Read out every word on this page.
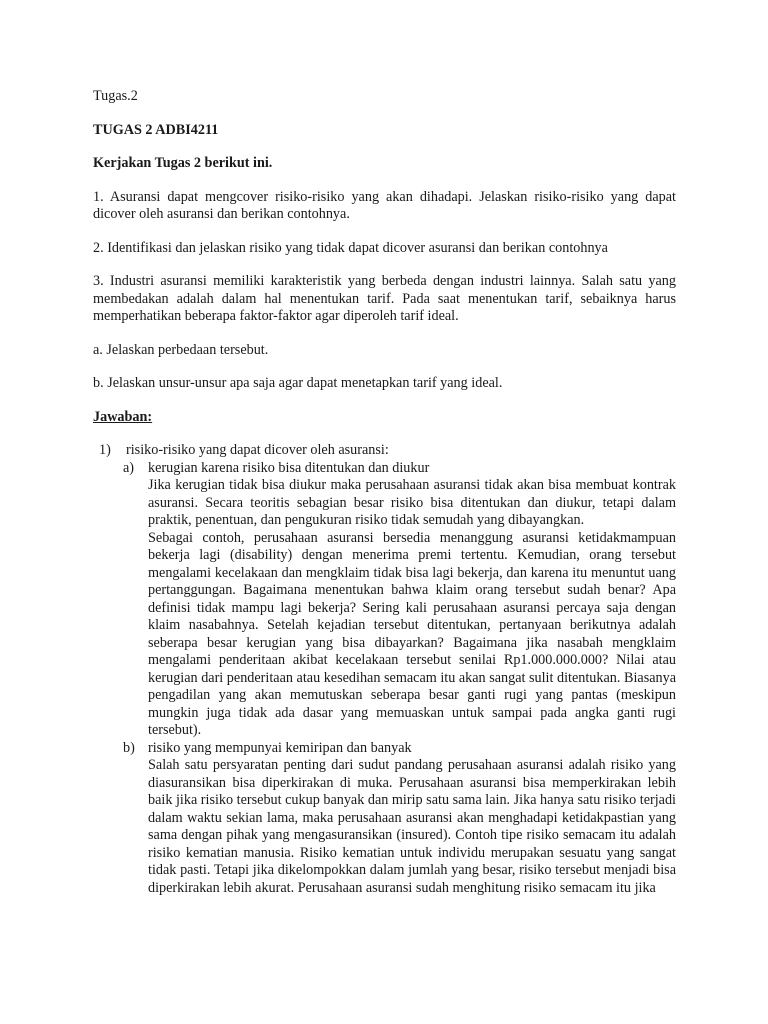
Tugas.2

TUGAS 2 ADBI4211

Kerjakan Tugas 2 berikut ini.

1. Asuransi dapat mengcover risiko-risiko yang akan dihadapi. Jelaskan risiko-risiko yang dapat dicover oleh asuransi dan berikan contohnya.

2. Identifikasi dan jelaskan risiko yang tidak dapat dicover asuransi dan berikan contohnya

3. Industri asuransi memiliki karakteristik yang berbeda dengan industri lainnya. Salah satu yang membedakan adalah dalam hal menentukan tarif. Pada saat menentukan tarif, sebaiknya harus memperhatikan beberapa faktor-faktor agar diperoleh tarif ideal.

a. Jelaskan perbedaan tersebut.

b. Jelaskan unsur-unsur apa saja agar dapat menetapkan tarif yang ideal.

Jawaban:

1)	risiko-risiko yang dapat dicover oleh asuransi:
a) kerugian karena risiko bisa ditentukan dan diukur

Jika kerugian tidak bisa diukur maka perusahaan asuransi tidak akan bisa membuat kontrak asuransi. Secara teoritis sebagian besar risiko bisa ditentukan dan diukur, tetapi dalam praktik, penentuan, dan pengukuran risiko tidak semudah yang dibayangkan.

Sebagai contoh, perusahaan asuransi bersedia menanggung asuransi ketidakmampuan bekerja lagi (disability) dengan menerima premi tertentu. Kemudian, orang tersebut mengalami kecelakaan dan mengklaim tidak bisa lagi bekerja, dan karena itu menuntut uang pertanggungan. Bagaimana menentukan bahwa klaim orang tersebut sudah benar? Apa definisi tidak mampu lagi bekerja? Sering kali perusahaan asuransi percaya saja dengan klaim nasabahnya. Setelah kejadian tersebut ditentukan, pertanyaan berikutnya adalah seberapa besar kerugian yang bisa dibayarkan? Bagaimana jika nasabah mengklaim mengalami penderitaan akibat kecelakaan tersebut senilai Rp1.000.000.000? Nilai atau kerugian dari penderitaan atau kesedihan semacam itu akan sangat sulit ditentukan. Biasanya pengadilan yang akan memutuskan seberapa besar ganti rugi yang pantas (meskipun mungkin juga tidak ada dasar yang memuaskan untuk sampai pada angka ganti rugi tersebut).

b) risiko yang mempunyai kemiripan dan banyak

Salah satu persyaratan penting dari sudut pandang perusahaan asuransi adalah risiko yang diasuransikan bisa diperkirakan di muka. Perusahaan asuransi bisa memperkirakan lebih baik jika risiko tersebut cukup banyak dan mirip satu sama lain. Jika hanya satu risiko terjadi dalam waktu sekian lama, maka perusahaan asuransi akan menghadapi ketidakpastian yang sama dengan pihak yang mengasuransikan (insured). Contoh tipe risiko semacam itu adalah risiko kematian manusia. Risiko kematian untuk individu merupakan sesuatu yang sangat tidak pasti. Tetapi jika dikelompokkan dalam jumlah yang besar, risiko tersebut menjadi bisa diperkirakan lebih akurat. Perusahaan asuransi sudah menghitung risiko semacam itu jika
